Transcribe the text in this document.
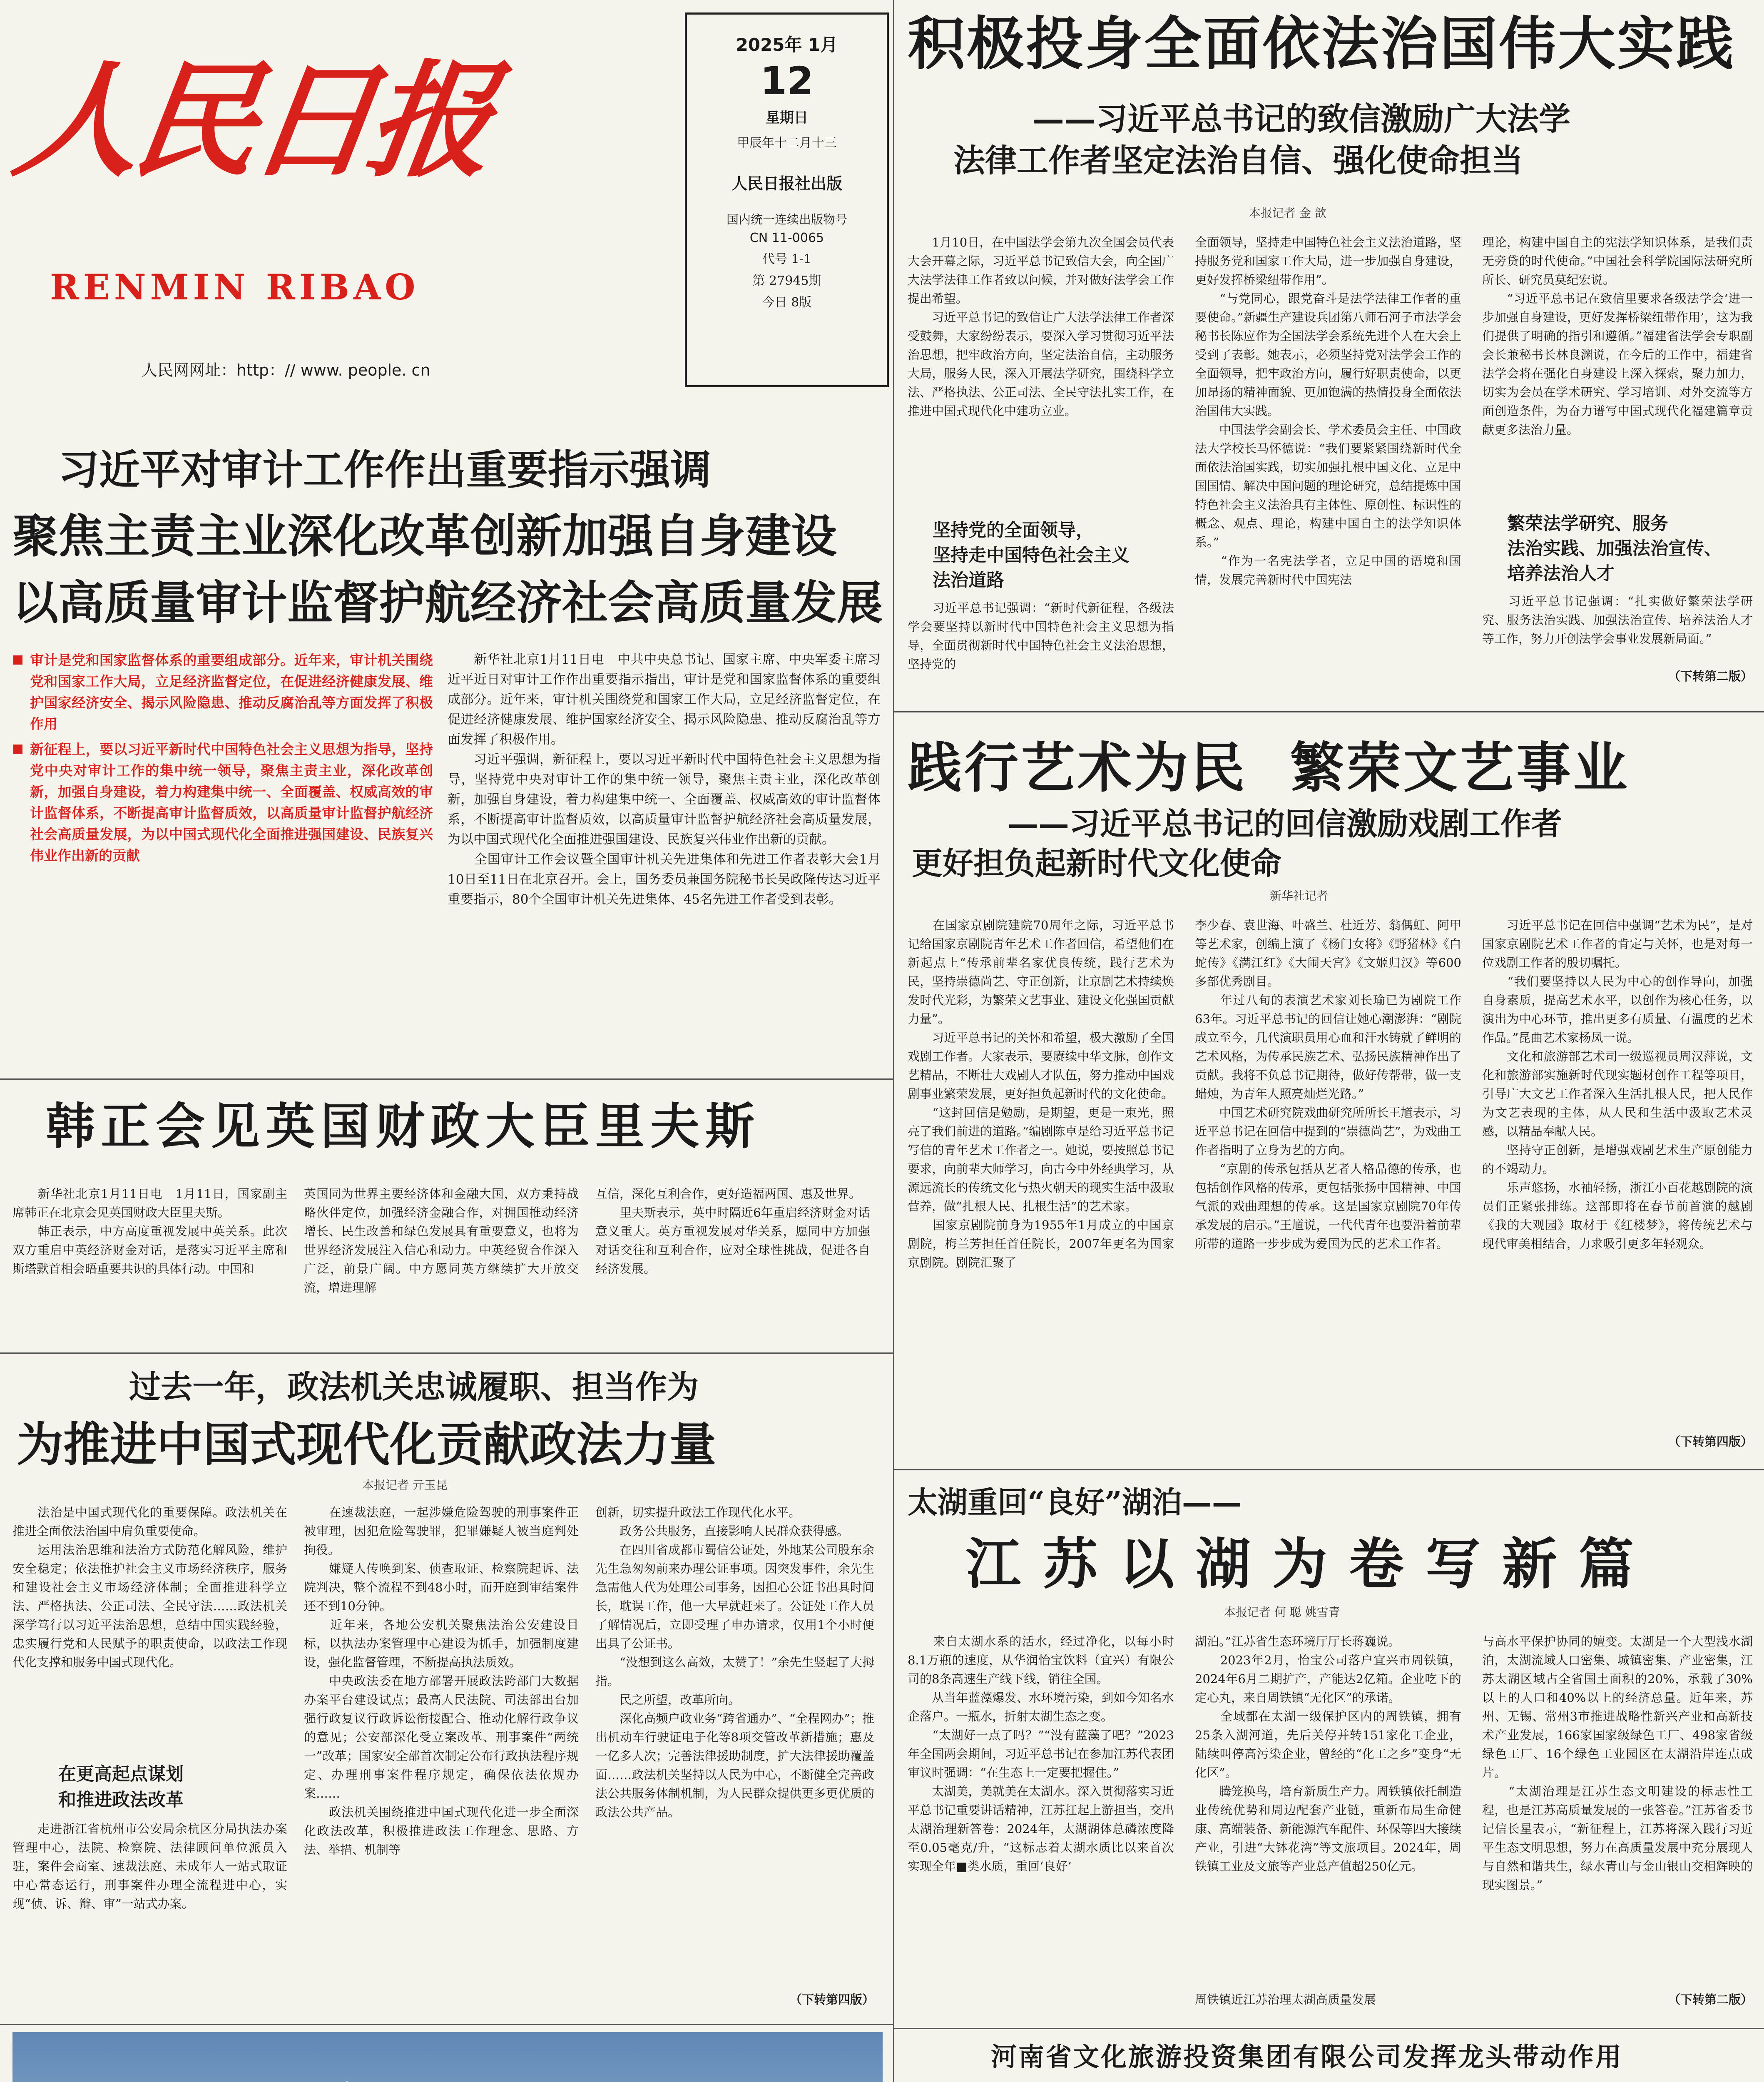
人民日报
RENMIN RIBAO
人民网网址：http：// www. people. cn
2025年 1月
12
星期日
甲辰年十二月十三
人民日报社出版
国内统一连续出版物号
CN 11-0065
代号 1-1
第 27945期
今日 8版
积极投身全面依法治国伟大实践
——习近平总书记的致信激励广大法学
法律工作者坚定法治自信、强化使命担当
本报记者 金 歆

　　1月10日，在中国法学会第九次全国会员代表大会开幕之际，习近平总书记致信大会，向全国广大法学法律工作者致以问候，并对做好法学会工作提出希望。
　　习近平总书记的致信让广大法学法律工作者深受鼓舞，大家纷纷表示，要深入学习贯彻习近平法治思想，把牢政治方向，坚定法治自信，主动服务大局，服务人民，深入开展法学研究，围绕科学立法、严格执法、公正司法、全民守法扎实工作，在推进中国式现代化中建功立业。

坚持党的全面领导，
坚持走中国特色社会主义
法治道路

　　习近平总书记强调：“新时代新征程，各级法学会要坚持以新时代中国特色社会主义思想为指导，全面贯彻新时代中国特色社会主义法治思想，坚持党的

全面领导，坚持走中国特色社会主义法治道路，坚持服务党和国家工作大局，进一步加强自身建设，更好发挥桥梁纽带作用”。
　　“与党同心，跟党奋斗是法学法律工作者的重要使命。”新疆生产建设兵团第八师石河子市法学会秘书长陈应作为全国法学会系统先进个人在大会上受到了表彰。她表示，必须坚持党对法学会工作的全面领导，把牢政治方向，履行好职责使命，以更加昂扬的精神面貌、更加饱满的热情投身全面依法治国伟大实践。
　　中国法学会副会长、学术委员会主任、中国政法大学校长马怀德说：“我们要紧紧围绕新时代全面依法治国实践，切实加强扎根中国文化、立足中国国情、解决中国问题的理论研究，总结提炼中国特色社会主义法治具有主体性、原创性、标识性的概念、观点、理论，构建中国自主的法学知识体系。”
　　“作为一名宪法学者，立足中国的语境和国情，发展完善新时代中国宪法

理论，构建中国自主的宪法学知识体系，是我们责无旁贷的时代使命。”中国社会科学院国际法研究所所长、研究员莫纪宏说。
　　“习近平总书记在致信里要求各级法学会‘进一步加强自身建设，更好发挥桥梁纽带作用’，这为我们提供了明确的指引和遵循。”福建省法学会专职副会长兼秘书长林良渊说，在今后的工作中，福建省法学会将在强化自身建设上深入探索，聚力加力，切实为会员在学术研究、学习培训、对外交流等方面创造条件，为奋力谱写中国式现代化福建篇章贡献更多法治力量。

繁荣法学研究、服务
法治实践、加强法治宣传、
培养法治人才

　　习近平总书记强调：“扎实做好繁荣法学研究、服务法治实践、加强法治宣传、培养法治人才等工作，努力开创法学会事业发展新局面。”

（下转第二版）
习近平对审计工作作出重要指示强调
聚焦主责主业深化改革创新加强自身建设
以高质量审计监督护航经济社会高质量发展
审计是党和国家监督体系的重要组成部分。近年来，审计机关围绕党和国家工作大局，立足经济监督定位，在促进经济健康发展、维护国家经济安全、揭示风险隐患、推动反腐治乱等方面发挥了积极作用
新征程上，要以习近平新时代中国特色社会主义思想为指导，坚持党中央对审计工作的集中统一领导，聚焦主责主业，深化改革创新，加强自身建设，着力构建集中统一、全面覆盖、权威高效的审计监督体系，不断提高审计监督质效，以高质量审计监督护航经济社会高质量发展，为以中国式现代化全面推进强国建设、民族复兴伟业作出新的贡献

　　新华社北京1月11日电　中共中央总书记、国家主席、中央军委主席习近平近日对审计工作作出重要指示指出，审计是党和国家监督体系的重要组成部分。近年来，审计机关围绕党和国家工作大局，立足经济监督定位，在促进经济健康发展、维护国家经济安全、揭示风险隐患、推动反腐治乱等方面发挥了积极作用。
　　习近平强调，新征程上，要以习近平新时代中国特色社会主义思想为指导，坚持党中央对审计工作的集中统一领导，聚焦主责主业，深化改革创新，加强自身建设，着力构建集中统一、全面覆盖、权威高效的审计监督体系，不断提高审计监督质效，以高质量审计监督护航经济社会高质量发展，为以中国式现代化全面推进强国建设、民族复兴伟业作出新的贡献。
　　全国审计工作会议暨全国审计机关先进集体和先进工作者表彰大会1月10日至11日在北京召开。会上，国务委员兼国务院秘书长吴政隆传达习近平重要指示，80个全国审计机关先进集体、45名先进工作者受到表彰。

韩正会见英国财政大臣里夫斯

　　新华社北京1月11日电　1月11日，国家副主席韩正在北京会见英国财政大臣里夫斯。
　　韩正表示，中方高度重视发展中英关系。此次双方重启中英经济财金对话，是落实习近平主席和斯塔默首相会晤重要共识的具体行动。中国和

英国同为世界主要经济体和金融大国，双方秉持战略伙伴定位，加强经济金融合作，对拥国推动经济增长、民生改善和绿色发展具有重要意义，也将为世界经济发展注入信心和动力。中英经贸合作深入广泛，前景广阔。中方愿同英方继续扩大开放交流，增进理解

互信，深化互利合作，更好造福两国、惠及世界。
　　里夫斯表示，英中时隔近6年重启经济财金对话意义重大。英方重视发展对华关系，愿同中方加强对话交往和互利合作，应对全球性挑战，促进各自经济发展。

过去一年，政法机关忠诚履职、担当作为
为推进中国式现代化贡献政法力量
本报记者 亓玉昆

　　法治是中国式现代化的重要保障。政法机关在推进全面依法治国中肩负重要使命。
　　运用法治思维和法治方式防范化解风险，维护安全稳定；依法推护社会主义市场经济秩序，服务和建设社会主义市场经济体制；全面推进科学立法、严格执法、公正司法、全民守法……政法机关深学笃行以习近平法治思想，总结中国实践经验，忠实履行党和人民赋予的职责使命，以政法工作现代化支撑和服务中国式现代化。

在更高起点谋划
和推进政法改革

　　走进浙江省杭州市公安局余杭区分局执法办案管理中心，法院、检察院、法律顾问单位派员入驻，案件会商室、速裁法庭、未成年人一站式取证中心常态运行，刑事案件办理全流程进中心，实现“侦、诉、辩、审”一站式办案。

　　在速裁法庭，一起涉嫌危险驾驶的刑事案件正被审理，因犯危险驾驶罪，犯罪嫌疑人被当庭判处拘役。
　　嫌疑人传唤到案、侦查取证、检察院起诉、法院判决，整个流程不到48小时，而开庭到审结案件还不到10分钟。
　　近年来，各地公安机关聚焦法治公安建设目标，以执法办案管理中心建设为抓手，加强制度建设，强化监督管理，不断提高执法质效。
　　中央政法委在地方部署开展政法跨部门大数据办案平台建设试点；最高人民法院、司法部出台加强行政复议行政诉讼衔接配合、推动化解行政争议的意见；公安部深化受立案改革、刑事案件“两统一”改革；国家安全部首次制定公布行政执法程序规定、办理刑事案件程序规定，确保依法依规办案……
　　政法机关围绕推进中国式现代化进一步全面深化政法改革，积极推进政法工作理念、思路、方法、举措、机制等

创新，切实提升政法工作现代化水平。
　　政务公共服务，直接影响人民群众获得感。
　　在四川省成都市蜀信公证处，外地某公司股东余先生急匆匆前来办理公证事项。因突发事件，余先生急需他人代为处理公司事务，因担心公证书出具时间长，耽误工作，他一大早就赶来了。公证处工作人员了解情况后，立即受理了申办请求，仅用1个小时便出具了公证书。
　　“没想到这么高效，太赞了！”余先生竖起了大拇指。
　　民之所望，改革所向。
　　深化高频户政业务“跨省通办”、“全程网办”；推出机动车行驶证电子化等8项交管改革新措施；惠及一亿多人次；完善法律援助制度，扩大法律援助覆盖面……政法机关坚持以人民为中心，不断健全完善政法公共服务体制机制，为人民群众提供更多更优质的政法公共产品。

（下转第四版）

践行艺术为民  繁荣文艺事业
——习近平总书记的回信激励戏剧工作者
更好担负起新时代文化使命
新华社记者

　　在国家京剧院建院70周年之际，习近平总书记给国家京剧院青年艺术工作者回信，希望他们在新起点上“传承前辈名家优良传统，践行艺术为民，坚持崇德尚艺、守正创新，让京剧艺术持续焕发时代光彩，为繁荣文艺事业、建设文化强国贡献力量”。
　　习近平总书记的关怀和希望，极大激励了全国戏剧工作者。大家表示，要赓续中华文脉，创作文艺精品，不断壮大戏剧人才队伍，努力推动中国戏剧事业繁荣发展，更好担负起新时代的文化使命。
　　“这封回信是勉励，是期望，更是一束光，照亮了我们前进的道路。”编剧陈卓是给习近平总书记写信的青年艺术工作者之一。她说，要按照总书记要求，向前辈大师学习，向古今中外经典学习，从源远流长的传统文化与热火朝天的现实生活中汲取营养，做“扎根人民、扎根生活”的艺术家。
　　国家京剧院前身为1955年1月成立的中国京剧院，梅兰芳担任首任院长，2007年更名为国家京剧院。剧院汇聚了

李少春、袁世海、叶盛兰、杜近芳、翁偶虹、阿甲等艺术家，创编上演了《杨门女将》《野猪林》《白蛇传》《满江红》《大闹天宫》《文姬归汉》等600多部优秀剧目。
　　年过八旬的表演艺术家刘长瑜已为剧院工作63年。习近平总书记的回信让她心潮澎湃：“剧院成立至今，几代演职员用心血和汗水铸就了鲜明的艺术风格，为传承民族艺术、弘扬民族精神作出了贡献。我将不负总书记期待，做好传帮带，做一支蜡烛，为青年人照亮灿烂光路。”
　　中国艺术研究院戏曲研究所所长王馗表示，习近平总书记在回信中提到的“崇德尚艺”，为戏曲工作者指明了立身为艺的方向。
　　“京剧的传承包括从艺者人格品德的传承，也包括创作风格的传承，更包括张扬中国精神、中国气派的戏曲理想的传承。这是国家京剧院70年传承发展的启示。”王馗说，一代代青年也要沿着前辈所带的道路一步步成为爱国为民的艺术工作者。

　　习近平总书记在回信中强调“艺术为民”，是对国家京剧院艺术工作者的肯定与关怀，也是对每一位戏剧工作者的殷切嘱托。
　　“我们要坚持以人民为中心的创作导向，加强自身素质，提高艺术水平，以创作为核心任务，以演出为中心环节，推出更多有质量、有温度的艺术作品。”昆曲艺术家杨凤一说。
　　文化和旅游部艺术司一级巡视员周汉萍说，文化和旅游部实施新时代现实题材创作工程等项目，引导广大文艺工作者深入生活扎根人民，把人民作为文艺表现的主体，从人民和生活中汲取艺术灵感，以精品奉献人民。
　　坚持守正创新，是增强戏剧艺术生产原创能力的不竭动力。
　　乐声悠扬，水袖轻扬，浙江小百花越剧院的演员们正紧张排练。这部即将在春节前首演的越剧《我的大观园》取材于《红楼梦》，将传统艺术与现代审美相结合，力求吸引更多年轻观众。

（下转第四版）
太湖重回“良好”湖泊——
江苏以湖为卷写新篇
本报记者 何 聪 姚雪青

　　来自太湖水系的活水，经过净化，以每小时8.1万瓶的速度，从华润怡宝饮料（宜兴）有限公司的8条高速生产线下线，销往全国。
　　从当年蓝藻爆发、水环境污染，到如今知名水企落户。一瓶水，折射太湖生态之变。
　　“太湖好一点了吗？”“没有蓝藻了吧？”2023年全国两会期间，习近平总书记在参加江苏代表团审议时强调：“在生态上一定要把握住。”
　　太湖美，美就美在太湖水。深入贯彻落实习近平总书记重要讲话精神，江苏扛起上游担当，交出太湖治理新答卷：2024年，太湖湖体总磷浓度降至0.05毫克/升，“这标志着太湖水质比以来首次实现全年■类水质，重回‘良好’

湖泊。”江苏省生态环境厅厅长蒋巍说。
　　2023年2月，怡宝公司落户宜兴市周铁镇，2024年6月二期扩产，产能达2亿箱。企业吃下的定心丸，来自周铁镇“无化区”的承诺。
　　全域都在太湖一级保护区内的周铁镇，拥有25条入湖河道，先后关停并转151家化工企业，陆续叫停高污染企业，曾经的“化工之乡”变身“无化区”。
　　腾笼换鸟，培育新质生产力。周铁镇依托制造业传统优势和周边配套产业链，重新布局生命健康、高端装备、新能源汽车配件、环保等四大接续产业，引进“大钵花湾”等文旅项目。2024年，周铁镇工业及文旅等产业总产值超250亿元。

周铁镇近江苏治理太湖高质量发展

与高水平保护协同的嬗变。太湖是一个大型浅水湖泊，太湖流域人口密集、城镇密集、产业密集，江苏太湖区域占全省国土面积的20%，承载了30%以上的人口和40%以上的经济总量。近年来，苏州、无锡、常州3市推进战略性新兴产业和高新技术产业发展，166家国家级绿色工厂、498家省级绿色工厂、16个绿色工业园区在太湖沿岸连点成片。
　　“太湖治理是江苏生态文明建设的标志性工程，也是江苏高质量发展的一张答卷。”江苏省委书记信长星表示，“新征程上，江苏将深入践行习近平生态文明思想，努力在高质量发展中充分展现人与自然和谐共生，绿水青山与金山银山交相辉映的现实图景。”

（下转第二版）
河南省文化旅游投资集团有限公司发挥龙头带动作用
